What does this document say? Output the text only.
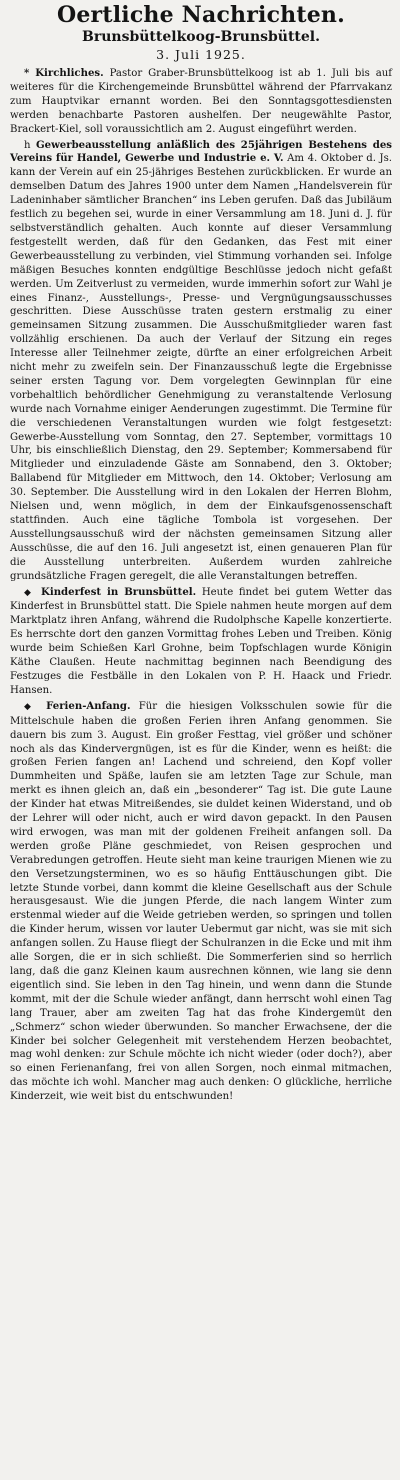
Oertliche Nachrichten.
Brunsbüttelkoog-Brunsbüttel.
3. Juli 1925.

* Kirchliches. Pastor Graber-Brunsbüttelkoog ist ab 1. Juli bis auf weiteres für die Kirchengemeinde Brunsbüttel während der Pfarrvakanz zum Hauptvikar ernannt worden. Bei den Sonntagsgottesdiensten werden benachbarte Pastoren aushelfen. Der neugewählte Pastor, Brackert-Kiel, soll voraussichtlich am 2. August eingeführt werden.

h Gewerbeausstellung anläßlich des 25jährigen Bestehens des Vereins für Handel, Gewerbe und Industrie e. V. Am 4. Oktober d. Js. kann der Verein auf ein 25-jähriges Bestehen zurückblicken. Er wurde an demselben Datum des Jahres 1900 unter dem Namen „Handelsverein für Ladeninhaber sämtlicher Branchen“ ins Leben gerufen. Daß das Jubiläum festlich zu begehen sei, wurde in einer Versammlung am 18. Juni d. J. für selbstverständlich gehalten. Auch konnte auf dieser Versammlung festgestellt werden, daß für den Gedanken, das Fest mit einer Gewerbeausstellung zu verbinden, viel Stimmung vorhanden sei. Infolge mäßigen Besuches konnten endgültige Beschlüsse jedoch nicht gefaßt werden. Um Zeitverlust zu vermeiden, wurde immerhin sofort zur Wahl je eines Finanz-, Ausstellungs-, Presse- und Vergnügungsausschusses geschritten. Diese Ausschüsse traten gestern erstmalig zu einer gemeinsamen Sitzung zusammen. Die Ausschußmitglieder waren fast vollzählig erschienen. Da auch der Verlauf der Sitzung ein reges Interesse aller Teilnehmer zeigte, dürfte an einer erfolgreichen Arbeit nicht mehr zu zweifeln sein. Der Finanzausschuß legte die Ergebnisse seiner ersten Tagung vor. Dem vorgelegten Gewinnplan für eine vorbehaltlich behördlicher Genehmigung zu veranstaltende Verlosung wurde nach Vornahme einiger Aenderungen zugestimmt. Die Termine für die verschiedenen Veranstaltungen wurden wie folgt festgesetzt: Gewerbe-Ausstellung vom Sonntag, den 27. September, vormittags 10 Uhr, bis einschließlich Dienstag, den 29. September; Kommersabend für Mitglieder und einzuladende Gäste am Sonnabend, den 3. Oktober; Ballabend für Mitglieder em Mittwoch, den 14. Oktober; Verlosung am 30. September. Die Ausstellung wird in den Lokalen der Herren Blohm, Nielsen und, wenn möglich, in dem der Einkaufsgenossenschaft stattfinden. Auch eine tägliche Tombola ist vorgesehen. Der Ausstellungsausschuß wird der nächsten gemeinsamen Sitzung aller Ausschüsse, die auf den 16. Juli angesetzt ist, einen genaueren Plan für die Ausstellung unterbreiten. Außerdem wurden zahlreiche grundsätzliche Fragen geregelt, die alle Veranstaltungen betreffen.

◆ Kinderfest in Brunsbüttel. Heute findet bei gutem Wetter das Kinderfest in Brunsbüttel statt. Die Spiele nahmen heute morgen auf dem Marktplatz ihren Anfang, während die Rudolphsche Kapelle konzertierte. Es herrschte dort den ganzen Vormittag frohes Leben und Treiben. König wurde beim Schießen Karl Grohne, beim Topfschlagen wurde Königin Käthe Claußen. Heute nachmittag beginnen nach Beendigung des Festzuges die Festbälle in den Lokalen von P. H. Haack und Friedr. Hansen.

◆ Ferien-Anfang. Für die hiesigen Volksschulen sowie für die Mittelschule haben die großen Ferien ihren Anfang genommen. Sie dauern bis zum 3. August. Ein großer Festtag, viel größer und schöner noch als das Kindervergnügen, ist es für die Kinder, wenn es heißt: die großen Ferien fangen an! Lachend und schreiend, den Kopf voller Dummheiten und Späße, laufen sie am letzten Tage zur Schule, man merkt es ihnen gleich an, daß ein „besonderer“ Tag ist. Die gute Laune der Kinder hat etwas Mitreißendes, sie duldet keinen Widerstand, und ob der Lehrer will oder nicht, auch er wird davon gepackt. In den Pausen wird erwogen, was man mit der goldenen Freiheit anfangen soll. Da werden große Pläne geschmiedet, von Reisen gesprochen und Verabredungen getroffen. Heute sieht man keine traurigen Mienen wie zu den Versetzungsterminen, wo es so häufig Enttäuschungen gibt. Die letzte Stunde vorbei, dann kommt die kleine Gesellschaft aus der Schule herausgesaust. Wie die jungen Pferde, die nach langem Winter zum erstenmal wieder auf die Weide getrieben werden, so springen und tollen die Kinder herum, wissen vor lauter Uebermut gar nicht, was sie mit sich anfangen sollen. Zu Hause fliegt der Schulranzen in die Ecke und mit ihm alle Sorgen, die er in sich schließt. Die Sommerferien sind so herrlich lang, daß die ganz Kleinen kaum ausrechnen können, wie lang sie denn eigentlich sind. Sie leben in den Tag hinein, und wenn dann die Stunde kommt, mit der die Schule wieder anfängt, dann herrscht wohl einen Tag lang Trauer, aber am zweiten Tag hat das frohe Kindergemüt den „Schmerz“ schon wieder überwunden. So mancher Erwachsene, der die Kinder bei solcher Gelegenheit mit verstehendem Herzen beobachtet, mag wohl denken: zur Schule möchte ich nicht wieder (oder doch?), aber so einen Ferienanfang, frei von allen Sorgen, noch einmal mitmachen, das möchte ich wohl. Mancher mag auch denken: O glückliche, herrliche Kinderzeit, wie weit bist du entschwunden!
